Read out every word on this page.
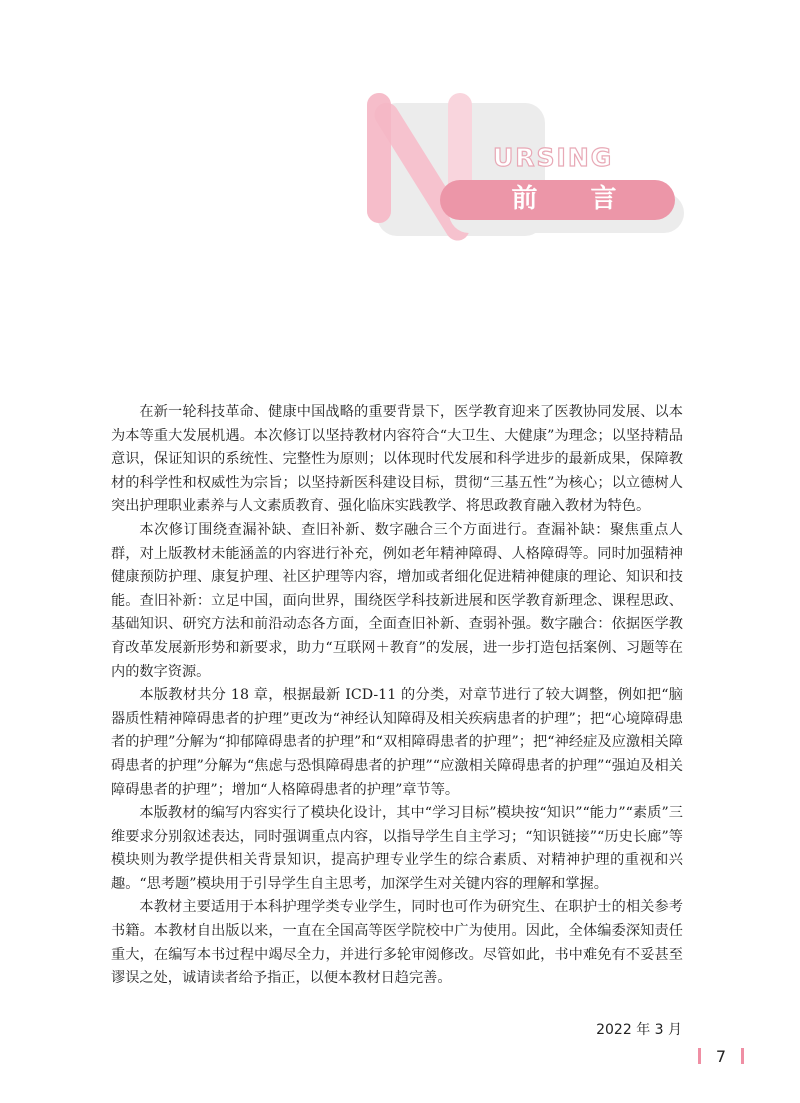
URSING
前 言

在新一轮科技革命、健康中国战略的重要背景下，医学教育迎来了医教协同发展、以本为本等重大发展机遇。本次修订以坚持教材内容符合“大卫生、大健康”为理念；以坚持精品意识，保证知识的系统性、完整性为原则；以体现时代发展和科学进步的最新成果，保障教材的科学性和权威性为宗旨；以坚持新医科建设目标，贯彻“三基五性”为核心；以立德树人突出护理职业素养与人文素质教育、强化临床实践教学、将思政教育融入教材为特色。

本次修订围绕查漏补缺、查旧补新、数字融合三个方面进行。查漏补缺：聚焦重点人群，对上版教材未能涵盖的内容进行补充，例如老年精神障碍、人格障碍等。同时加强精神健康预防护理、康复护理、社区护理等内容，增加或者细化促进精神健康的理论、知识和技能。查旧补新：立足中国，面向世界，围绕医学科技新进展和医学教育新理念、课程思政、基础知识、研究方法和前沿动态各方面，全面查旧补新、查弱补强。数字融合：依据医学教育改革发展新形势和新要求，助力“互联网＋教育”的发展，进一步打造包括案例、习题等在内的数字资源。

本版教材共分 18 章，根据最新 ICD-11 的分类，对章节进行了较大调整，例如把“脑器质性精神障碍患者的护理”更改为“神经认知障碍及相关疾病患者的护理”；把“心境障碍患者的护理”分解为“抑郁障碍患者的护理”和“双相障碍患者的护理”；把“神经症及应激相关障碍患者的护理”分解为“焦虑与恐惧障碍患者的护理”“应激相关障碍患者的护理”“强迫及相关障碍患者的护理”；增加“人格障碍患者的护理”章节等。

本版教材的编写内容实行了模块化设计，其中“学习目标”模块按“知识”“能力”“素质”三维要求分别叙述表达，同时强调重点内容，以指导学生自主学习；“知识链接”“历史长廊”等模块则为教学提供相关背景知识，提高护理专业学生的综合素质、对精神护理的重视和兴趣。“思考题”模块用于引导学生自主思考，加深学生对关键内容的理解和掌握。

本教材主要适用于本科护理学类专业学生，同时也可作为研究生、在职护士的相关参考书籍。本教材自出版以来，一直在全国高等医学院校中广为使用。因此，全体编委深知责任重大，在编写本书过程中竭尽全力，并进行多轮审阅修改。尽管如此，书中难免有不妥甚至谬误之处，诚请读者给予指正，以便本教材日趋完善。

2022 年 3 月
7
